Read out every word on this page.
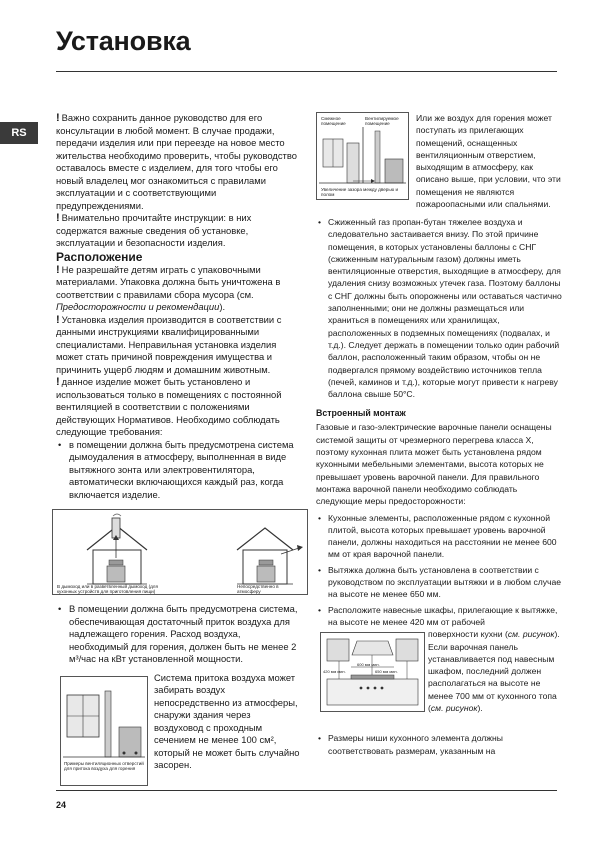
Установка
RS

! Важно сохранить данное руководство для его консультации в любой момент. В случае продажи, передачи изделия или при переезде на новое место жительства необходимо проверить, чтобы руководство оставалось вместе с изделием, для того чтобы его новый владелец мог ознакомиться с правилами эксплуатации и с соответствующими предупреждениями.

! Внимательно прочитайте инструкции: в них содержатся важные сведения об установке, эксплуатации и безопасности изделия.

Расположение

! Не разрешайте детям играть с упаковочными материалами. Упаковка должна быть уничтожена в соответствии с правилами сбора мусора (см. Предосторожности и рекомендации).

! Установка изделия производится в соответствии с данными инструкциями квалифицированными специалистами. Неправильная установка изделия может стать причиной повреждения имущества и причинить ущерб людям и домашним животным.

! данное изделие может быть установлено и использоваться только в помещениях с постоянной вентиляцией в соответствии с положениями действующих Нормативов. Необходимо соблюдать следующие требования:

• в помещении должна быть предусмотрена система дымоудаления в атмосферу, выполненная в виде вытяжного зонта или электровентилятора, автоматически включающихся каждый раз, когда включается изделие.
В дымоход или в разветвленный дымоход (для кухонных устройств для приготовления пищи)
Непосредственно в атмосферу
• В помещении должна быть предусмотрена система, обеспечивающая достаточный приток воздуха для надлежащего горения. Расход воздуха, необходимый для горения, должен быть не менее 2 м³/час на кВт установленной мощности.
Примеры вентиляционных отверстий для притока воздуха для горения

Система притока воздуха может забирать воздух непосредственно из атмосферы, снаружи здания через воздуховод с проходным сечением не менее 100 см², который не может быть случайно засорен.

Смежное помещение
Вентилируемое помещение
Увеличение зазора между дверью и полом

Или же воздух для горения может поступать из прилегающих помещений, оснащенных вентиляционным отверстием, выходящим в атмосферу, как описано выше, при условии, что эти помещения не являются пожароопасными или спальнями.

• Сжиженный газ пропан-бутан тяжелее воздуха и следовательно застаивается внизу. По этой причине помещения, в которых установлены баллоны с СНГ (сжиженным натуральным газом) должны иметь вентиляционные отверстия, выходящие в атмосферу, для удаления снизу возможных утечек газа. Поэтому баллоны с СНГ должны быть опорожнены или оставаться частично заполненными; они не должны размещаться или храниться в помещениях или хранилищах, расположенных в подземных помещениях (подвалах, и т.д.). Следует держать в помещении только один рабочий баллон, расположенный таким образом, чтобы он не подвергался прямому воздействию источников тепла (печей, каминов и т.д.), которые могут привести к нагреву баллона свыше 50°C.
Встроенный монтаж

Газовые и газо-электрические варочные панели оснащены системой защиты от чрезмерного перегрева класса X, поэтому кухонная плита может быть установлена рядом кухонными мебельными элементами, высота которых не превышает уровень варочной панели. Для правильного монтажа варочной панели необходимо соблюдать следующие меры предосторожности:

• Кухонные элементы, расположенные рядом с кухонной плитой, высота которых превышает уровень варочной панели, должны находиться на расстоянии не менее 600 мм от края варочной панели.
• Вытяжка должна быть установлена в соответствии с руководством по эксплуатации вытяжки и в любом случае на высоте не менее 650 мм.
• Расположите навесные шкафы, прилегающие к вытяжке, на высоте не менее 420 мм от рабочей
600 мм мин.
420 мм мин.	650 мм мин.

поверхности кухни (см. рисунок). Если варочная панель устанавливается под навесным шкафом, последний должен располагаться на высоте не менее 700 мм от кухонного топа (см. рисунок).

• Размеры ниши кухонного элемента должны соответствовать размерам, указанным на
24
